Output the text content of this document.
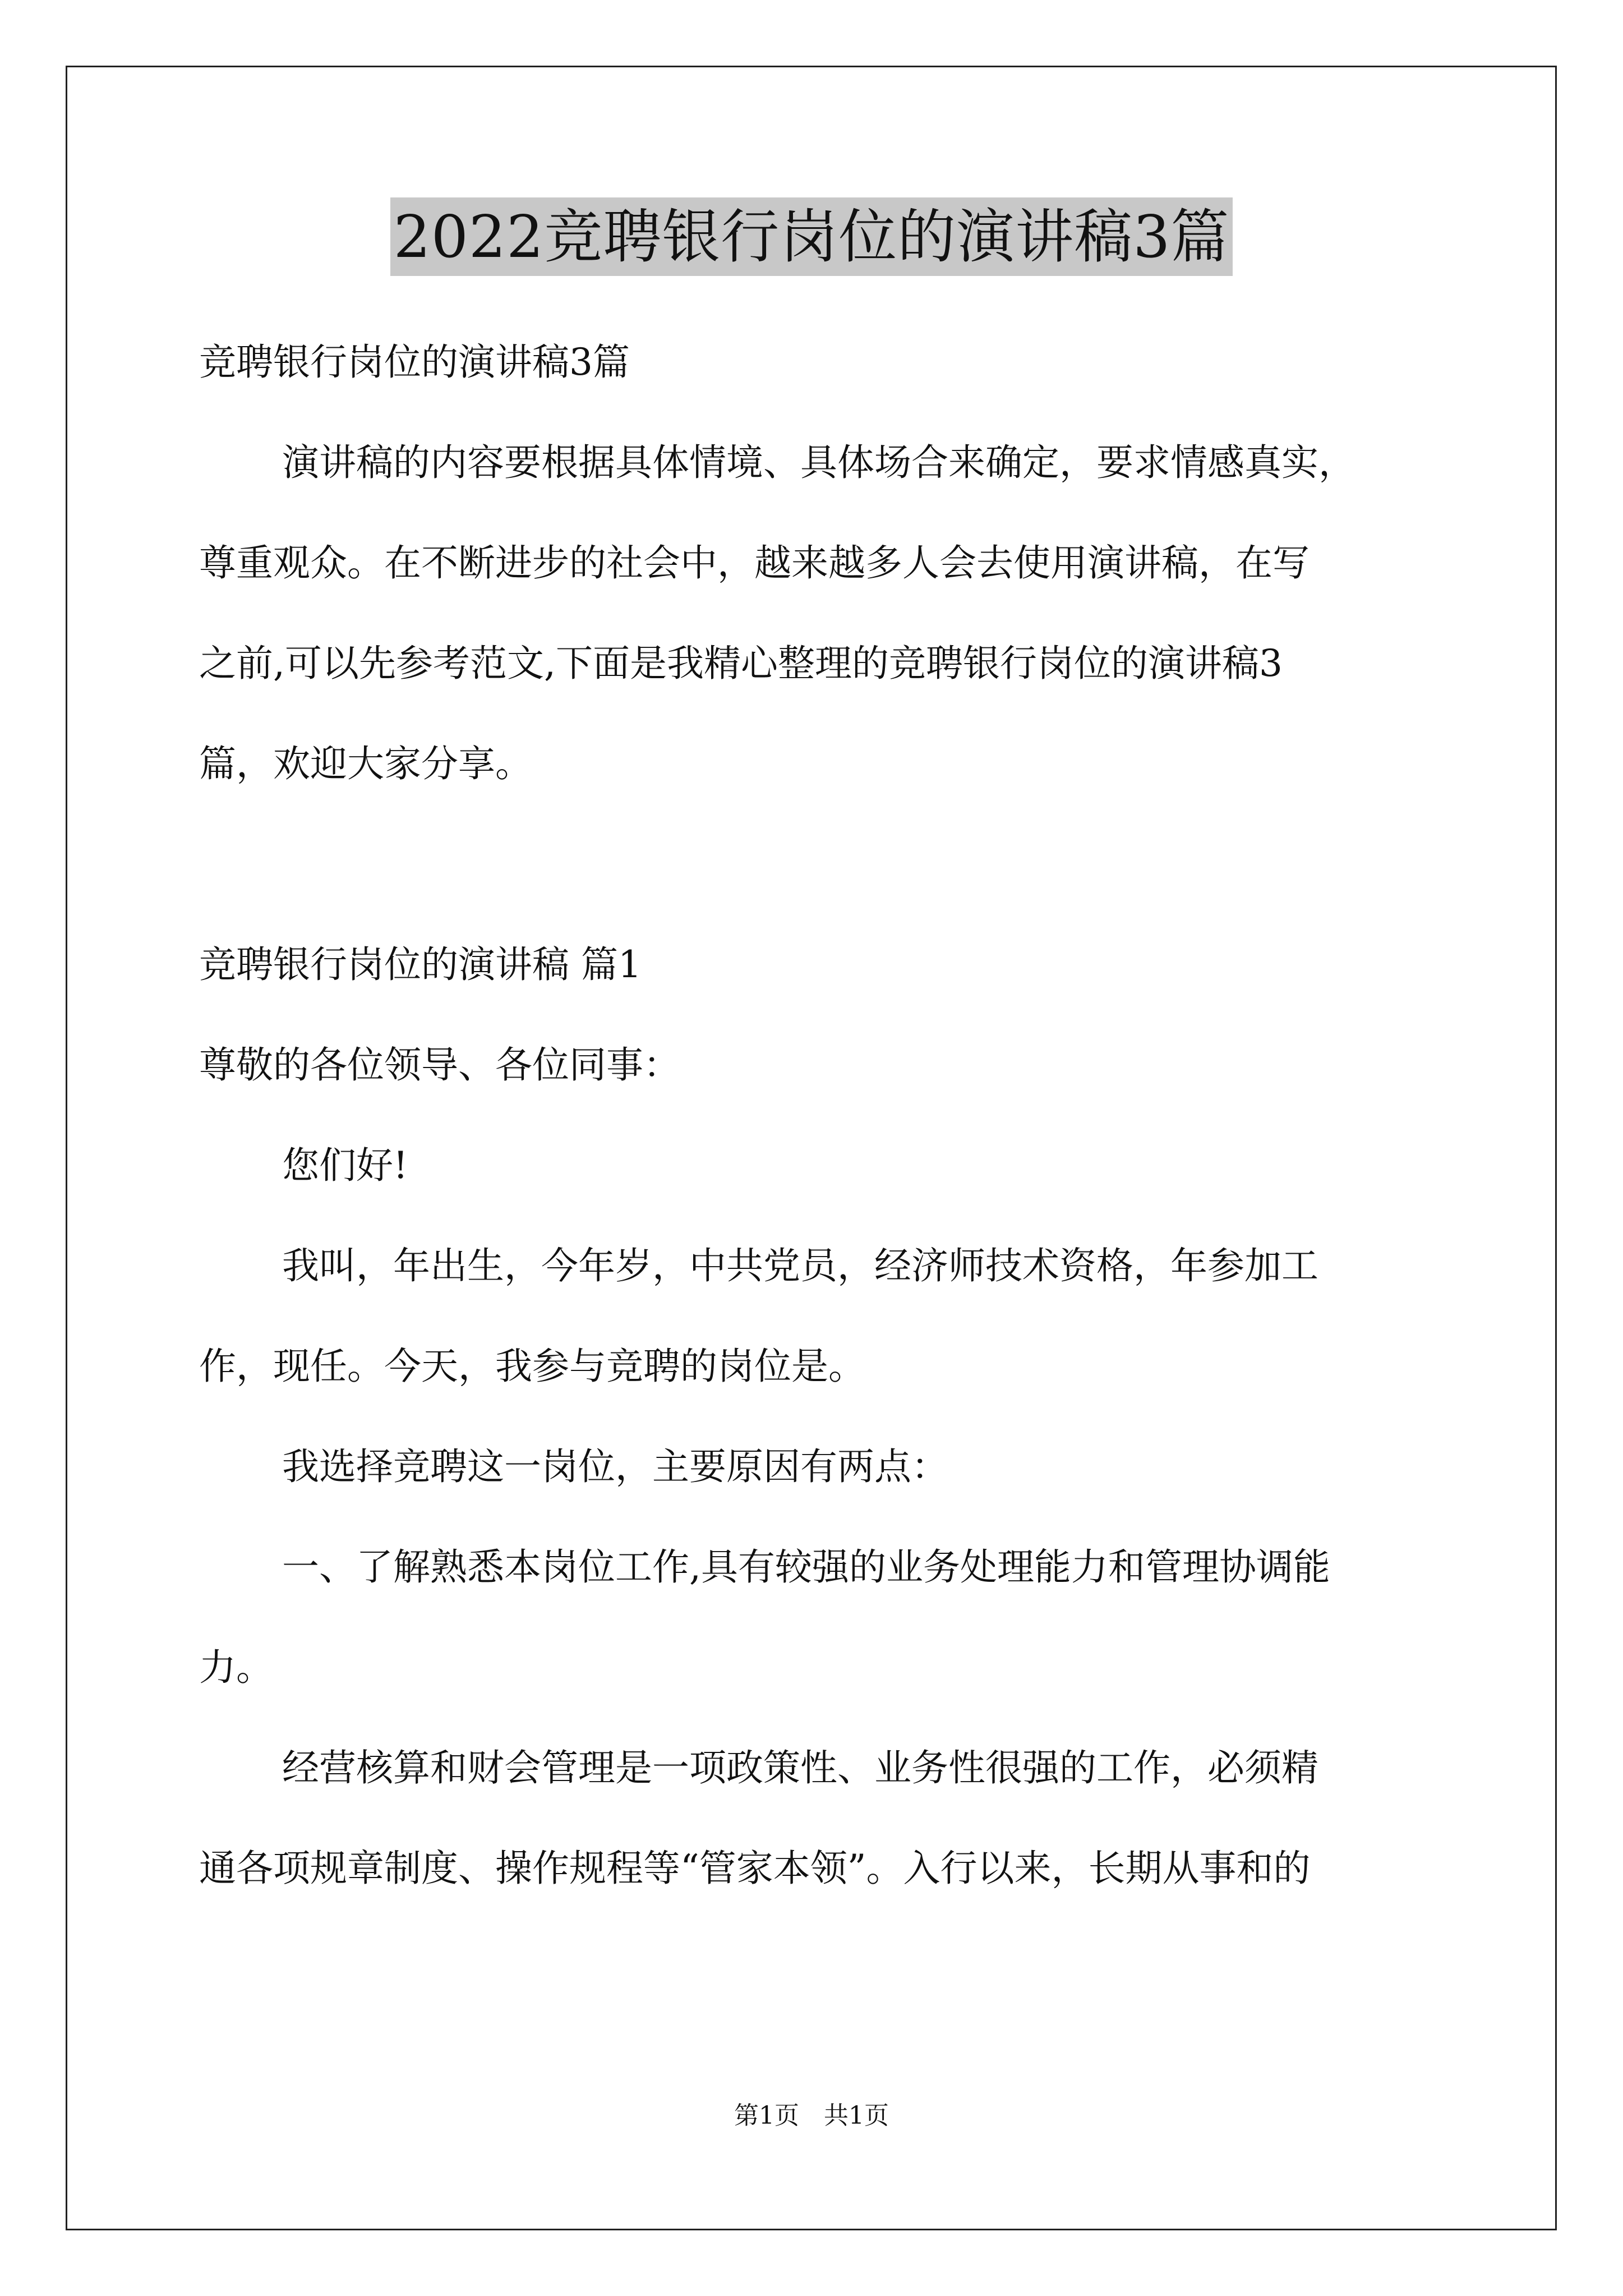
2022竞聘银行岗位的演讲稿3篇

竞聘银行岗位的演讲稿3篇

演讲稿的内容要根据具体情境、具体场合来确定，要求情感真实，

尊重观众。在不断进步的社会中，越来越多人会去使用演讲稿，在写

之前,可以先参考范文,下面是我精心整理的竞聘银行岗位的演讲稿3

篇，欢迎大家分享。

竞聘银行岗位的演讲稿 篇1

尊敬的各位领导、各位同事：

您们好!

我叫，年出生，今年岁，中共党员，经济师技术资格，年参加工

作，现任。今天，我参与竞聘的岗位是。

我选择竞聘这一岗位，主要原因有两点：

一、了解熟悉本岗位工作,具有较强的业务处理能力和管理协调能

力。

经营核算和财会管理是一项政策性、业务性很强的工作，必须精

通各项规章制度、操作规程等“管家本领”。入行以来，长期从事和的

第1页　共1页
